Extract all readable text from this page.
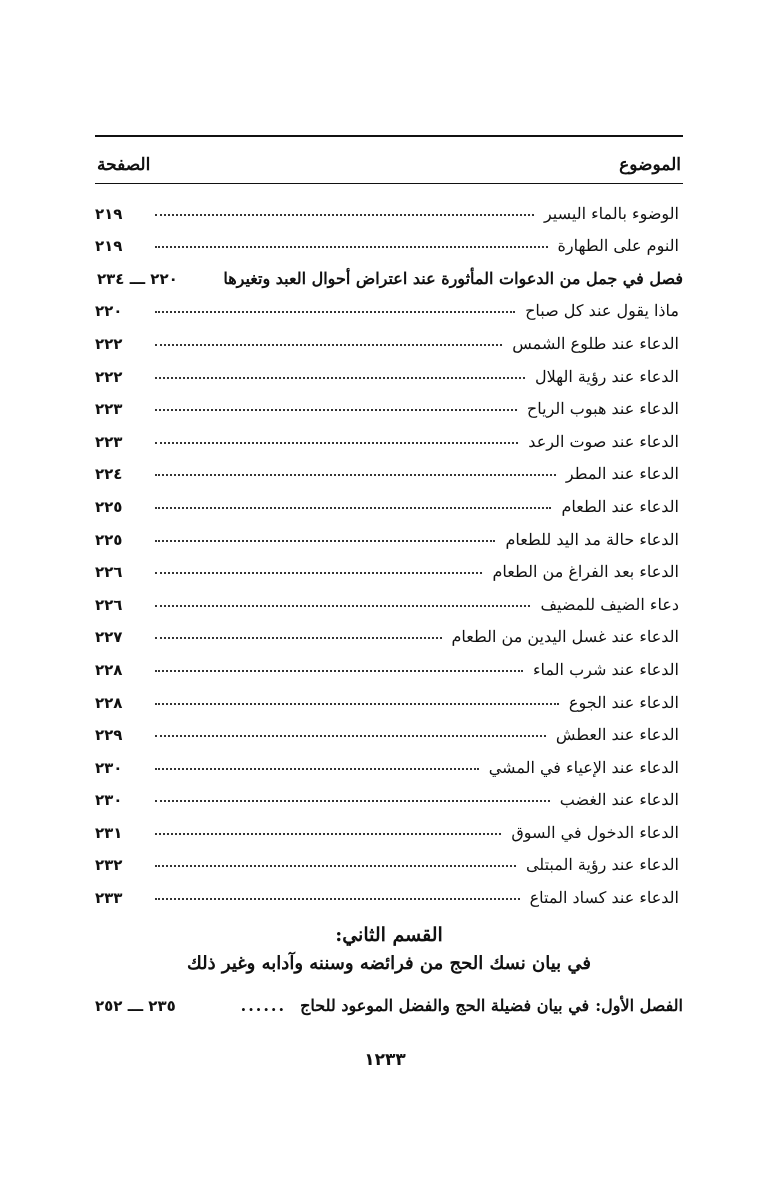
الموضوع
الصفحة
الوضوء بالماء اليسير
٢١٩
النوم على الطهارة
٢١٩
فصل في جمل من الدعوات المأثورة عند اعتراض أحوال العبد وتغيرها
٢٢٠ ـــ ٢٣٤
ماذا يقول عند كل صباح
٢٢٠
الدعاء عند طلوع الشمس
٢٢٢
الدعاء عند رؤية الهلال
٢٢٢
الدعاء عند هبوب الرياح
٢٢٣
الدعاء عند صوت الرعد
٢٢٣
الدعاء عند المطر
٢٢٤
الدعاء عند الطعام
٢٢٥
الدعاء حالة مد اليد للطعام
٢٢٥
الدعاء بعد الفراغ من الطعام
٢٢٦
دعاء الضيف للمضيف
٢٢٦
الدعاء عند غسل اليدين من الطعام
٢٢٧
الدعاء عند شرب الماء
٢٢٨
الدعاء عند الجوع
٢٢٨
الدعاء عند العطش
٢٢٩
الدعاء عند الإعياء في المشي
٢٣٠
الدعاء عند الغضب
٢٣٠
الدعاء الدخول في السوق
٢٣١
الدعاء عند رؤية المبتلى
٢٣٢
الدعاء عند كساد المتاع
٢٣٣
القسم الثاني:
في بيان نسك الحج من فرائضه وسننه وآدابه وغير ذلك
الفصل الأول:
في بيان فضيلة الحج والفضل الموعود للحاج
......
٢٣٥ ـــ ٢٥٢
١٢٣٣
